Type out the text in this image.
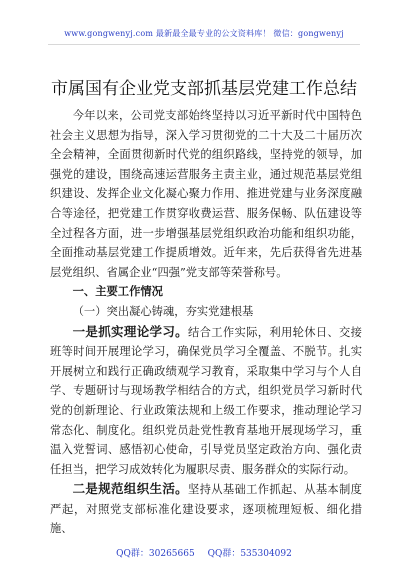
www.gongwenyj.com 最新最全最专业的公文资料库！ 微信：gongwenyj
市属国有企业党支部抓基层党建工作总结

今年以来，公司党支部始终坚持以习近平新时代中国特色社会主义思想为指导，深入学习贯彻党的二十大及二十届历次全会精神，全面贯彻新时代党的组织路线，坚持党的领导，加强党的建设，围绕高速运营服务主责主业，通过规范基层党组织建设、发挥企业文化凝心聚力作用、推进党建与业务深度融合等途径，把党建工作贯穿收费运营、服务保畅、队伍建设等全过程各方面，进一步增强基层党组织政治功能和组织功能，全面推动基层党建工作提质增效。近年来，先后获得省先进基层党组织、省属企业“四强”党支部等荣誉称号。

一、主要工作情况

（一）突出凝心铸魂，夯实党建根基

一是抓实理论学习。结合工作实际，利用轮休日、交接班等时间开展理论学习，确保党员学习全覆盖、不脱节。扎实开展树立和践行正确政绩观学习教育，采取集中学习与个人自学、专题研讨与现场教学相结合的方式，组织党员学习新时代党的创新理论、行业政策法规和上级工作要求，推动理论学习常态化、制度化。组织党员赴党性教育基地开展现场学习，重温入党誓词、感悟初心使命，引导党员坚定政治方向、强化责任担当，把学习成效转化为履职尽责、服务群众的实际行动。

二是规范组织生活。坚持从基础工作抓起、从基本制度严起，对照党支部标准化建设要求，逐项梳理短板、细化措施、

QQ群：30265665 QQ群：535304092
